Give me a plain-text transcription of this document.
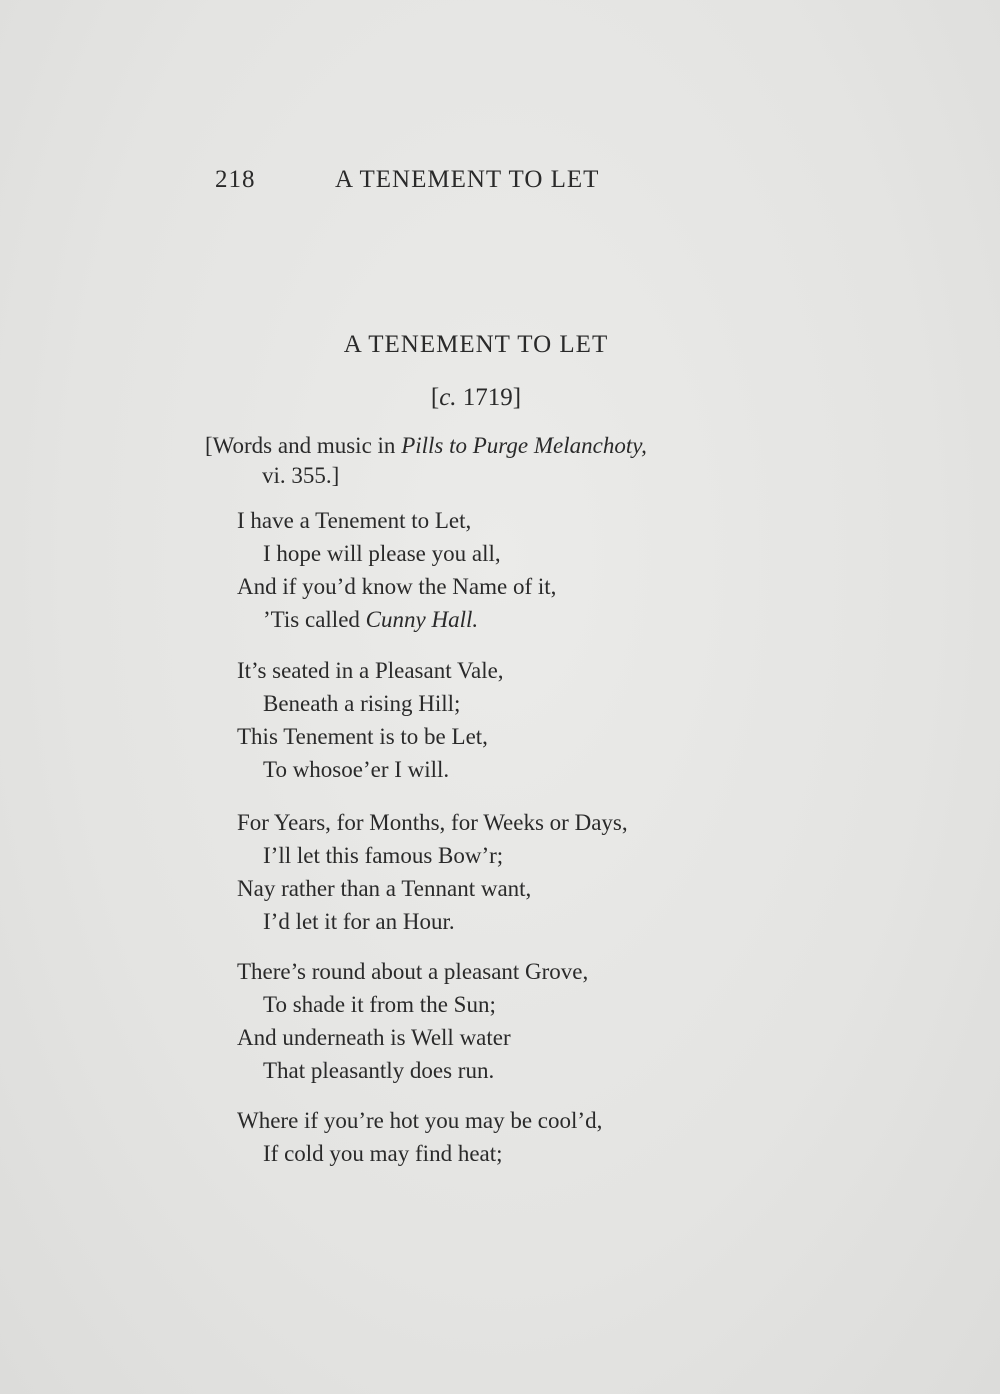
218	A TENEMENT TO LET
A TENEMENT TO LET
[c. 1719]
[Words and music in Pills to Purge Melanchoty,
vi. 355.]
I have a Tenement to Let,
I hope will please you all,
And if you’d know the Name of it,
’Tis called Cunny Hall.
It’s seated in a Pleasant Vale,
Beneath a rising Hill;
This Tenement is to be Let,
To whosoe’er I will.
For Years, for Months, for Weeks or Days,
I’ll let this famous Bow’r;
Nay rather than a Tennant want,
I’d let it for an Hour.
There’s round about a pleasant Grove,
To shade it from the Sun;
And underneath is Well water
That pleasantly does run.
Where if you’re hot you may be cool’d,
If cold you may find heat;
